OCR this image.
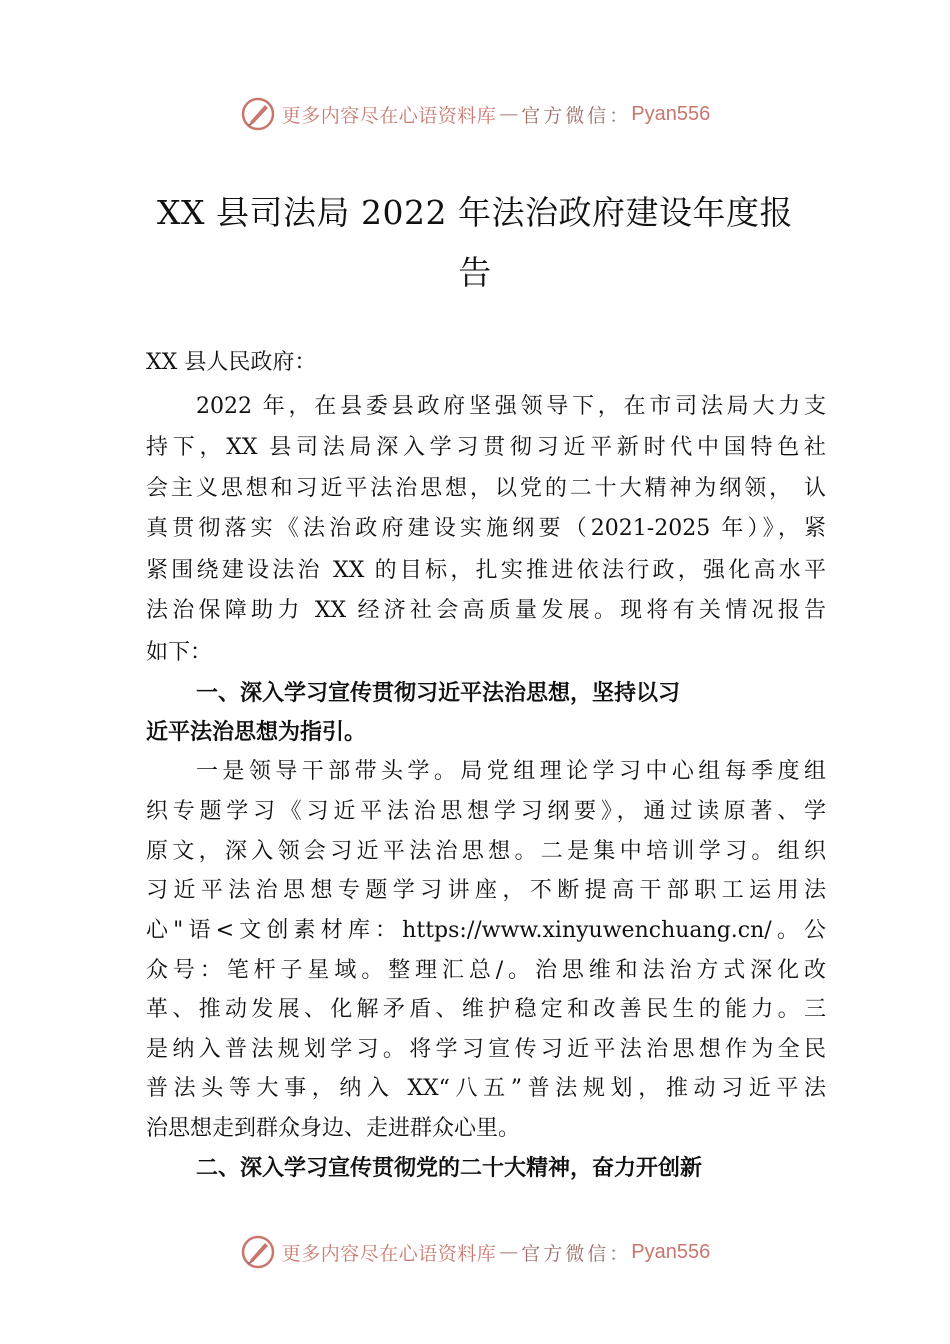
更多内容尽在心语资料库 — 官方微信： Pyan556
XX 县司法局 2022 年法治政府建设年度报
告
XX 县人民政府：
2022 年，在县委县政府坚强领导下，在市司法局大力支
持下，XX 县司法局深入学习贯彻习近平新时代中国特色社
会主义思想和习近平法治思想，以党的二十大精神为纲领， 认
真贯彻落实《法治政府建设实施纲要（2021-2025 年）》，紧
紧围绕建设法治 XX 的目标，扎实推进依法行政，强化高水平
法治保障助力 XX 经济社会高质量发展。现将有关情况报告
如下：
一、深入学习宣传贯彻习近平法治思想，坚持以习
近平法治思想为指引。
一是领导干部带头学。局党组理论学习中心组每季度组
织专题学习《习近平法治思想学习纲要》，通过读原著、学
原文，深入领会习近平法治思想。二是集中培训学习。组织
习近平法治思想专题学习讲座，不断提高干部职工运用法
心"语<文创素材库：https://www.xinyuwenchuang.cn/。公
众号：笔杆子星域。整理汇总/。治思维和法治方式深化改
革、推动发展、化解矛盾、维护稳定和改善民生的能力。三
是纳入普法规划学习。将学习宣传习近平法治思想作为全民
普法头等大事，纳入 XX“八五”普法规划，推动习近平法
治思想走到群众身边、走进群众心里。
二、深入学习宣传贯彻党的二十大精神，奋力开创新
更多内容尽在心语资料库 — 官方微信： Pyan556
